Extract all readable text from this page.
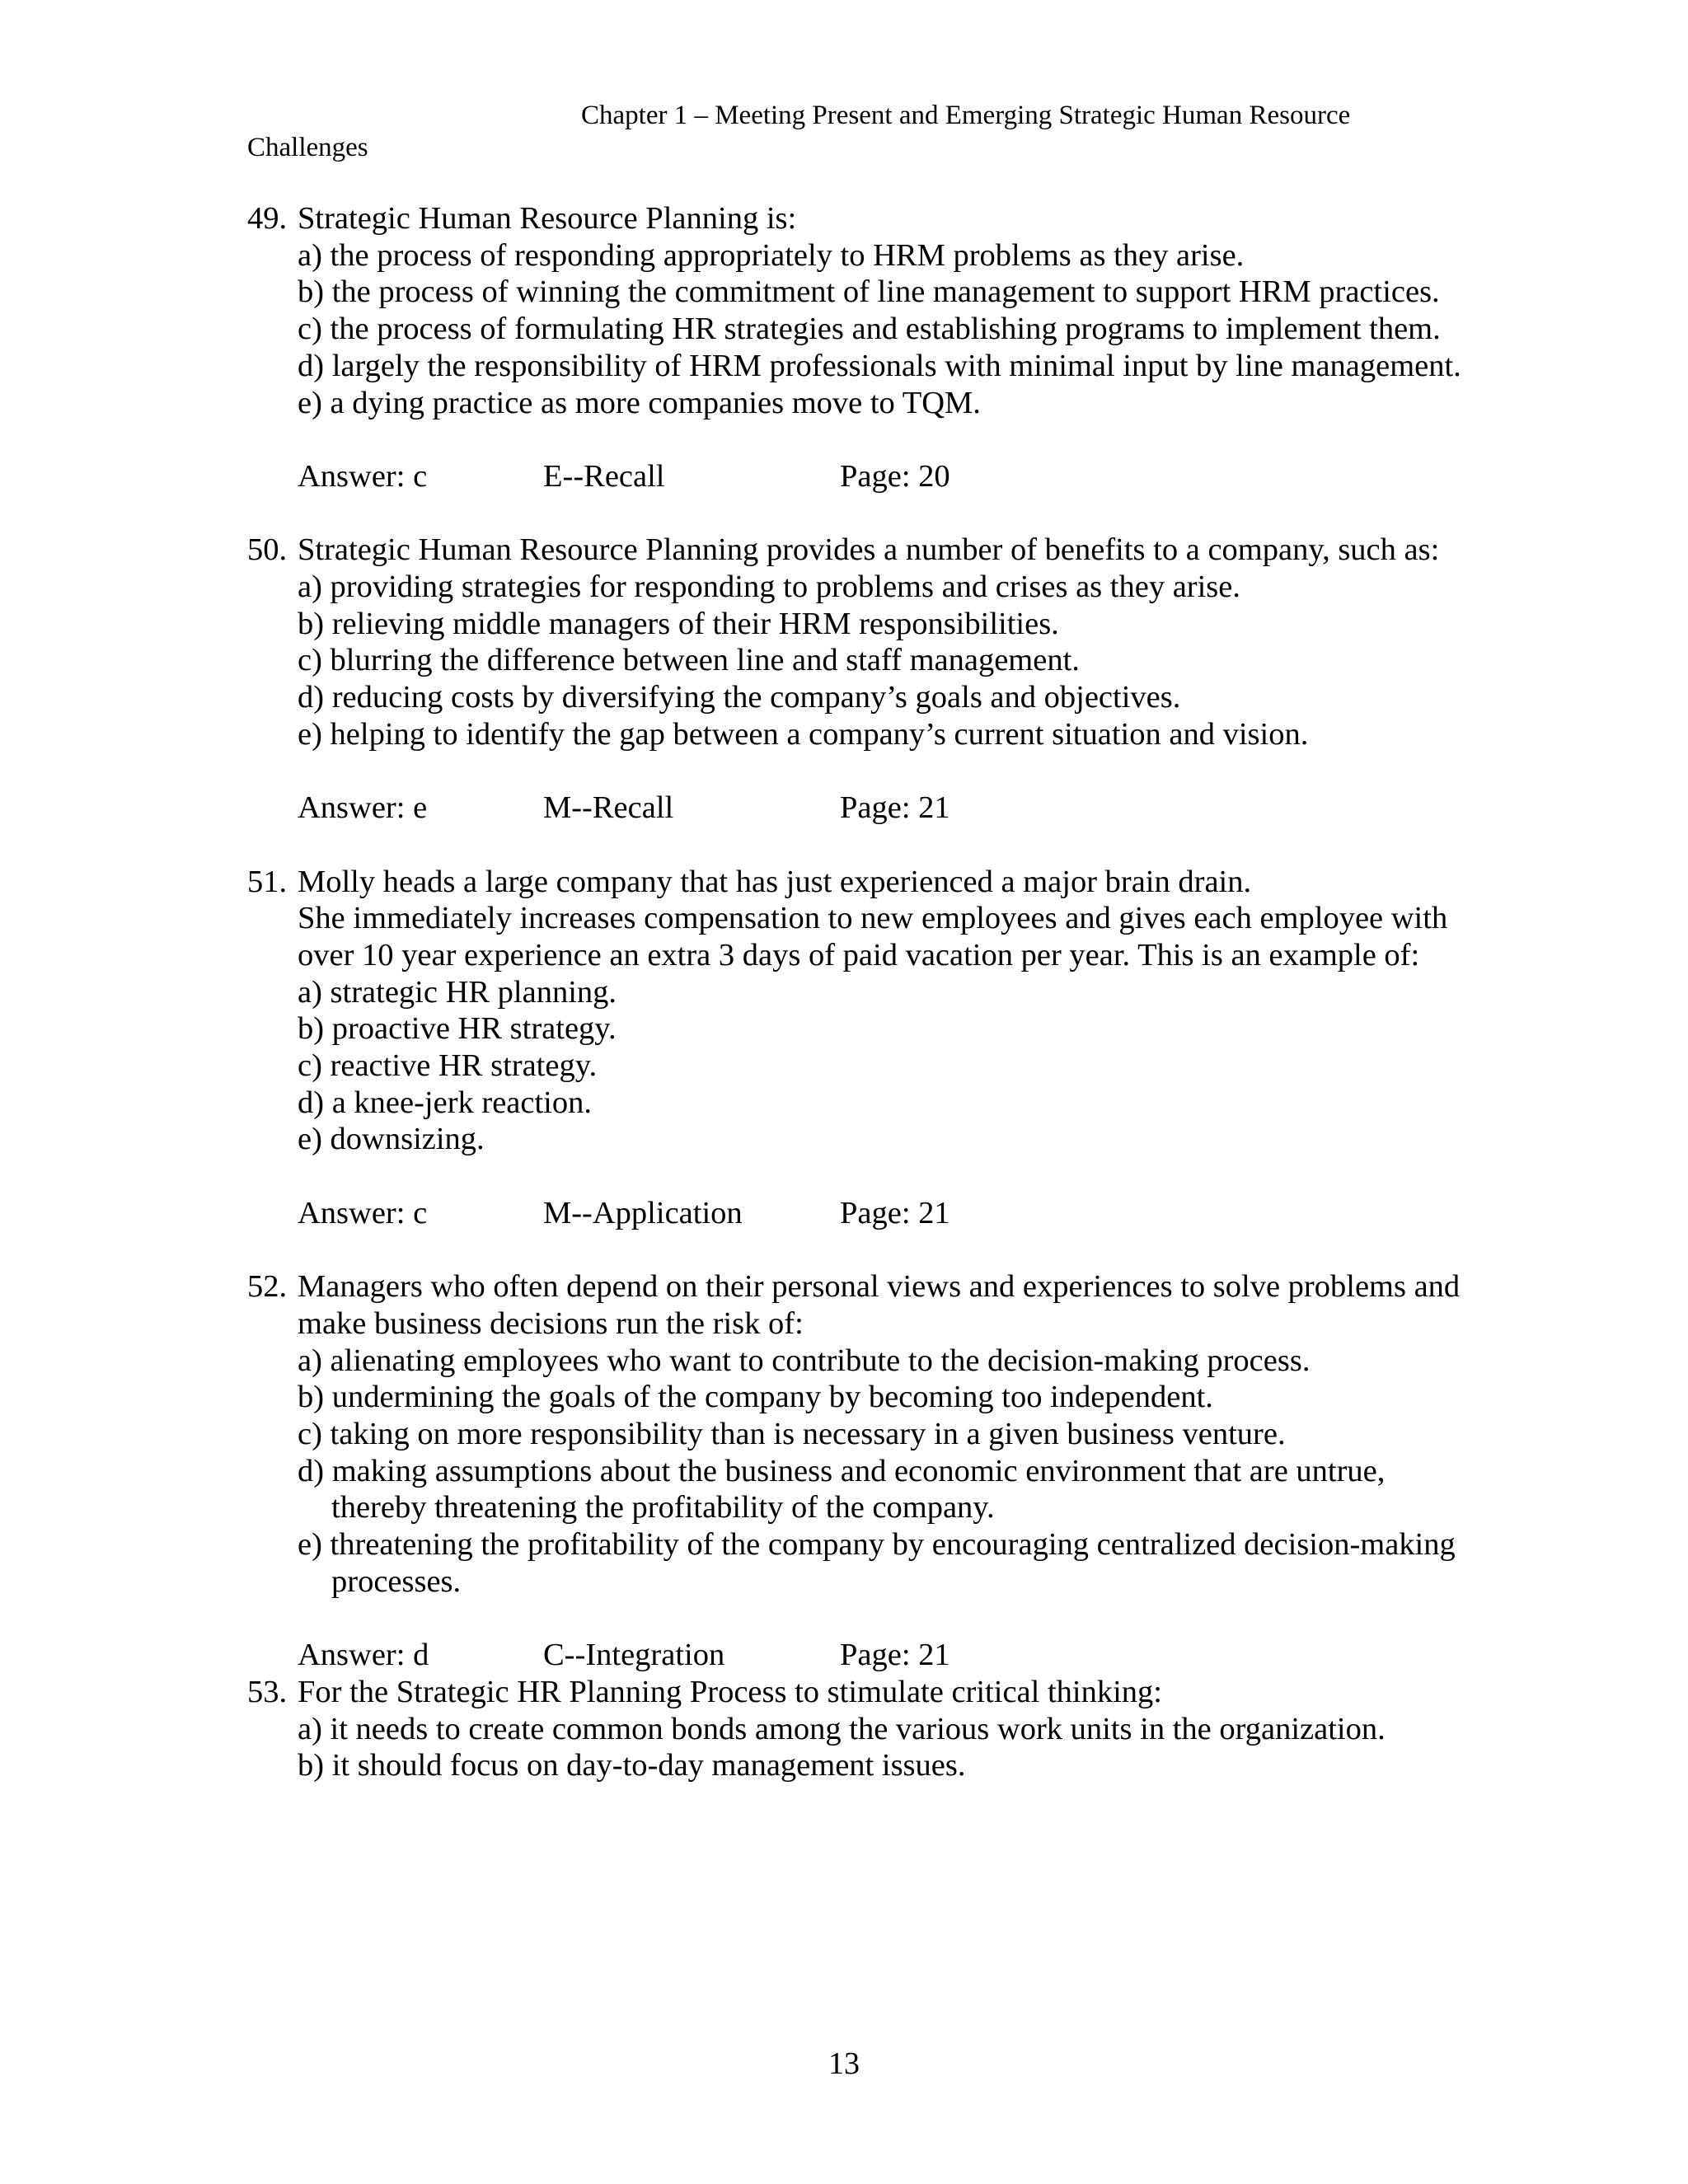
Chapter 1 – Meeting Present and Emerging Strategic Human Resource
Challenges
49. Strategic Human Resource Planning is:
a) the process of responding appropriately to HRM problems as they arise.
b) the process of winning the commitment of line management to support HRM practices.
c) the process of formulating HR strategies and establishing programs to implement them.
d) largely the responsibility of HRM professionals with minimal input by line management.
e) a dying practice as more companies move to TQM.
Answer: c	E--Recall	Page: 20
50. Strategic Human Resource Planning provides a number of benefits to a company, such as:
a) providing strategies for responding to problems and crises as they arise.
b) relieving middle managers of their HRM responsibilities.
c) blurring the difference between line and staff management.
d) reducing costs by diversifying the company’s goals and objectives.
e) helping to identify the gap between a company’s current situation and vision.
Answer: e	M--Recall	Page: 21
51. Molly heads a large company that has just experienced a major brain drain.
She immediately increases compensation to new employees and gives each employee with over 10 year experience an extra 3 days of paid vacation per year. This is an example of:
a) strategic HR planning.
b) proactive HR strategy.
c) reactive HR strategy.
d) a knee-jerk reaction.
e) downsizing.
Answer: c	M--Application	Page: 21
52. Managers who often depend on their personal views and experiences to solve problems and make business decisions run the risk of:
a) alienating employees who want to contribute to the decision-making process.
b) undermining the goals of the company by becoming too independent.
c) taking on more responsibility than is necessary in a given business venture.
d) making assumptions about the business and economic environment that are untrue, thereby threatening the profitability of the company.
e) threatening the profitability of the company by encouraging centralized decision-making processes.
Answer: d	C--Integration	Page: 21
53. For the Strategic HR Planning Process to stimulate critical thinking:
a) it needs to create common bonds among the various work units in the organization.
b) it should focus on day-to-day management issues.
13
